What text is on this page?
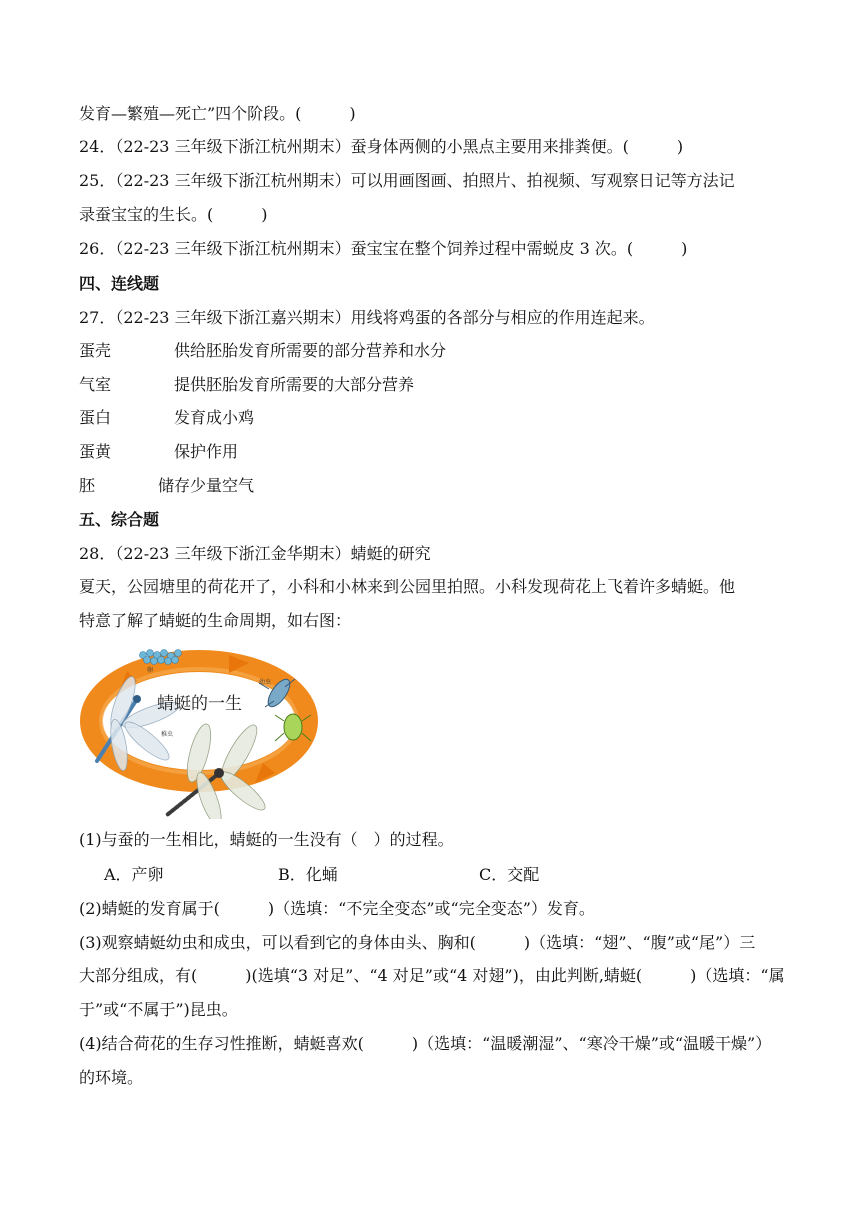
发育—繁殖—死亡”四个阶段。(　　　)
24．（22-23 三年级下浙江杭州期末）蚕身体两侧的小黑点主要用来排粪便。(　　　)
25．（22-23 三年级下浙江杭州期末）可以用画图画、拍照片、拍视频、写观察日记等方法记
录蚕宝宝的生长。(　　　)
26．（22-23 三年级下浙江杭州期末）蚕宝宝在整个饲养过程中需蜕皮 3 次。(　　　)
四、连线题
27．（22-23 三年级下浙江嘉兴期末）用线将鸡蛋的各部分与相应的作用连起来。
蛋壳	供给胚胎发育所需要的部分营养和水分
气室	提供胚胎发育所需要的大部分营养
蛋白	发育成小鸡
蛋黄	保护作用
胚	储存少量空气
五、综合题
28．（22-23 三年级下浙江金华期末）蜻蜓的研究
夏天，公园塘里的荷花开了，小科和小林来到公园里拍照。小科发现荷花上飞着许多蜻蜓。他
特意了解了蜻蜓的生命周期，如右图：
蜻蜓的一生
卵
幼虫
稚虫
(1)与蚕的一生相比，蜻蜓的一生没有（　）的过程。
A．产卵	B．化蛹	C．交配
(2)蜻蜓的发育属于(　　　)（选填：“不完全变态”或“完全变态”）发育。
(3)观察蜻蜓幼虫和成虫，可以看到它的身体由头、胸和(　　　)（选填：“翅”、“腹”或“尾”）三
大部分组成，有(　　　)(选填“3 对足”、“4 对足”或“4 对翅”)，由此判断,蜻蜓(　　　)（选填：“属
于”或“不属于”)昆虫。
(4)结合荷花的生存习性推断，蜻蜓喜欢(　　　)（选填：“温暖潮湿”、“寒冷干燥”或“温暖干燥”）
的环境。
